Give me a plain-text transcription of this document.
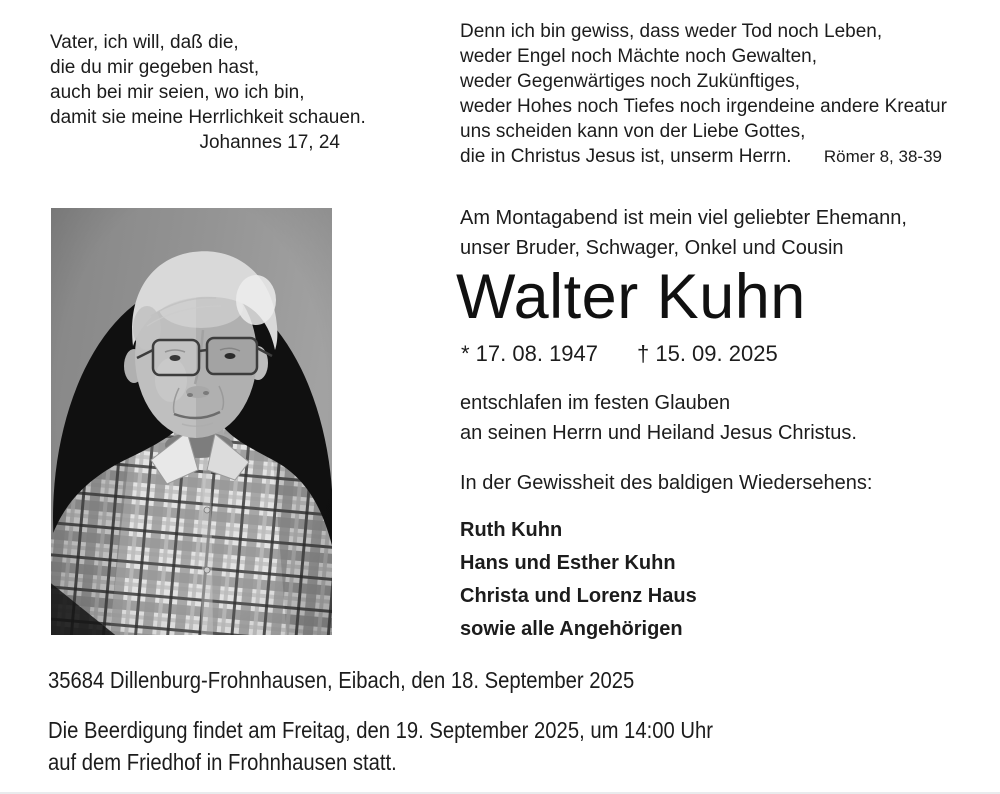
Vater, ich will, daß die,
die du mir gegeben hast,
auch bei mir seien, wo ich bin,
damit sie meine Herrlichkeit schauen.
Johannes 17, 24
Denn ich bin gewiss, dass weder Tod noch Leben,
weder Engel noch Mächte noch Gewalten,
weder Gegenwärtiges noch Zukünftiges,
weder Hohes noch Tiefes noch irgendeine andere Kreatur
uns scheiden kann von der Liebe Gottes,
die in Christus Jesus ist, unserm Herrn. Römer 8, 38-39
Am Montagabend ist mein viel geliebter Ehemann,
unser Bruder, Schwager, Onkel und Cousin
Walter Kuhn
* 17. 08. 1947 † 15. 09. 2025
entschlafen im festen Glauben
an seinen Herrn und Heiland Jesus Christus.
In der Gewissheit des baldigen Wiedersehens:
Ruth Kuhn
Hans und Esther Kuhn
Christa und Lorenz Haus
sowie alle Angehörigen
35684 Dillenburg-Frohnhausen, Eibach, den 18. September 2025
Die Beerdigung findet am Freitag, den 19. September 2025, um 14:00 Uhr
auf dem Friedhof in Frohnhausen statt.
